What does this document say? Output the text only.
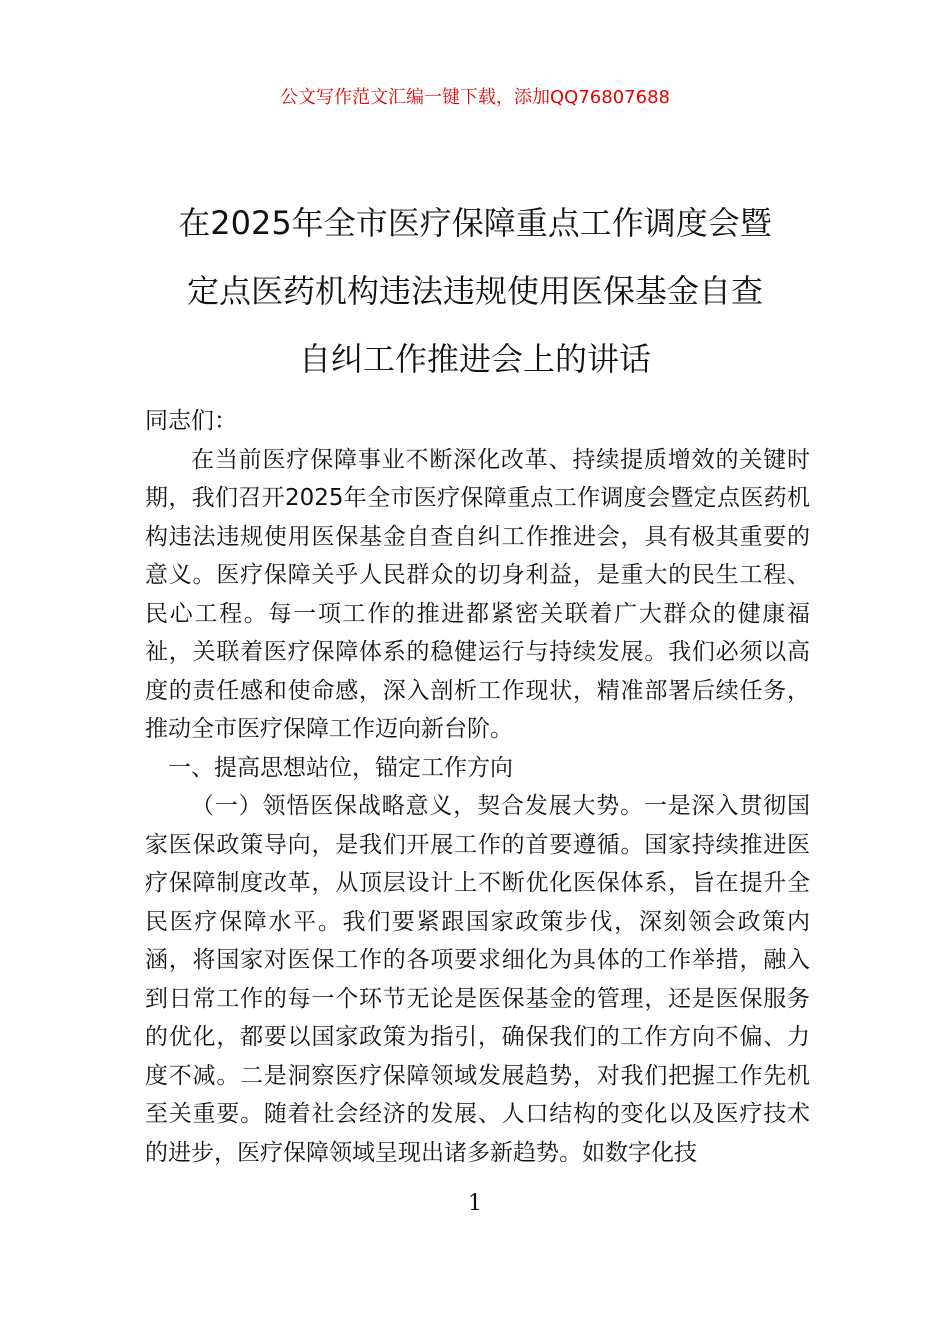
公文写作范文汇编一键下载，添加QQ76807688
在2025年全市医疗保障重点工作调度会暨
定点医药机构违法违规使用医保基金自查
自纠工作推进会上的讲话

同志们：

在当前医疗保障事业不断深化改革、持续提质增效的关键时期，我们召开2025年全市医疗保障重点工作调度会暨定点医药机构违法违规使用医保基金自查自纠工作推进会，具有极其重要的意义。医疗保障关乎人民群众的切身利益，是重大的民生工程、民心工程。每一项工作的推进都紧密关联着广大群众的健康福祉，关联着医疗保障体系的稳健运行与持续发展。我们必须以高度的责任感和使命感，深入剖析工作现状，精准部署后续任务，推动全市医疗保障工作迈向新台阶。

一、提高思想站位，锚定工作方向

（一）领悟医保战略意义，契合发展大势。一是深入贯彻国家医保政策导向，是我们开展工作的首要遵循。国家持续推进医疗保障制度改革，从顶层设计上不断优化医保体系，旨在提升全民医疗保障水平。我们要紧跟国家政策步伐，深刻领会政策内涵，将国家对医保工作的各项要求细化为具体的工作举措，融入到日常工作的每一个环节无论是医保基金的管理，还是医保服务的优化，都要以国家政策为指引，确保我们的工作方向不偏、力度不减。二是洞察医疗保障领域发展趋势，对我们把握工作先机至关重要。随着社会经济的发展、人口结构的变化以及医疗技术的进步，医疗保障领域呈现出诸多新趋势。如数字化技

1
